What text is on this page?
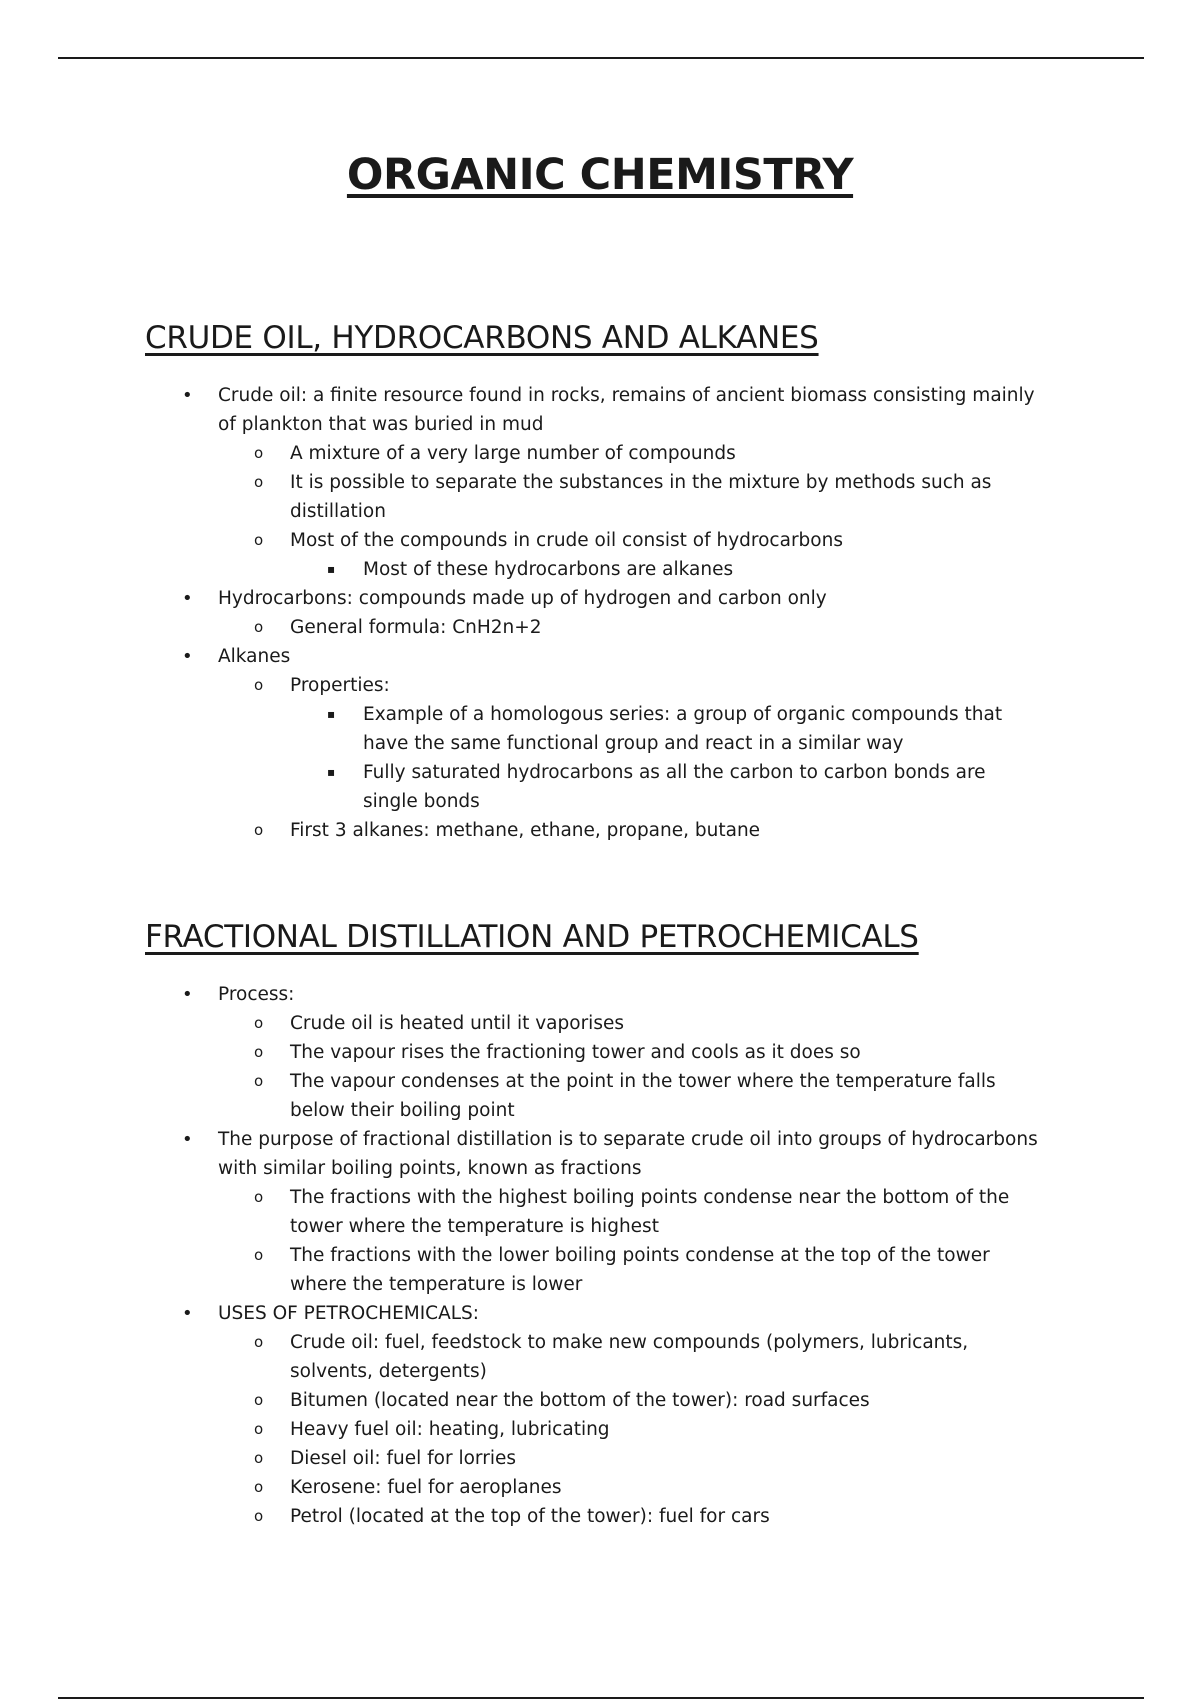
ORGANIC CHEMISTRY
CRUDE OIL, HYDROCARBONS AND ALKANES
• Crude oil: a finite resource found in rocks, remains of ancient biomass consisting mainly of plankton that was buried in mud
o A mixture of a very large number of compounds
o It is possible to separate the substances in the mixture by methods such as distillation
o Most of the compounds in crude oil consist of hydrocarbons
▪ Most of these hydrocarbons are alkanes
• Hydrocarbons: compounds made up of hydrogen and carbon only
o General formula: CnH2n+2
• Alkanes
o Properties:
▪ Example of a homologous series: a group of organic compounds that have the same functional group and react in a similar way
▪ Fully saturated hydrocarbons as all the carbon to carbon bonds are single bonds
o First 3 alkanes: methane, ethane, propane, butane
FRACTIONAL DISTILLATION AND PETROCHEMICALS
• Process:
o Crude oil is heated until it vaporises
o The vapour rises the fractioning tower and cools as it does so
o The vapour condenses at the point in the tower where the temperature falls below their boiling point
• The purpose of fractional distillation is to separate crude oil into groups of hydrocarbons with similar boiling points, known as fractions
o The fractions with the highest boiling points condense near the bottom of the tower where the temperature is highest
o The fractions with the lower boiling points condense at the top of the tower where the temperature is lower
• USES OF PETROCHEMICALS:
o Crude oil: fuel, feedstock to make new compounds (polymers, lubricants, solvents, detergents)
o Bitumen (located near the bottom of the tower): road surfaces
o Heavy fuel oil: heating, lubricating
o Diesel oil: fuel for lorries
o Kerosene: fuel for aeroplanes
o Petrol (located at the top of the tower): fuel for cars
